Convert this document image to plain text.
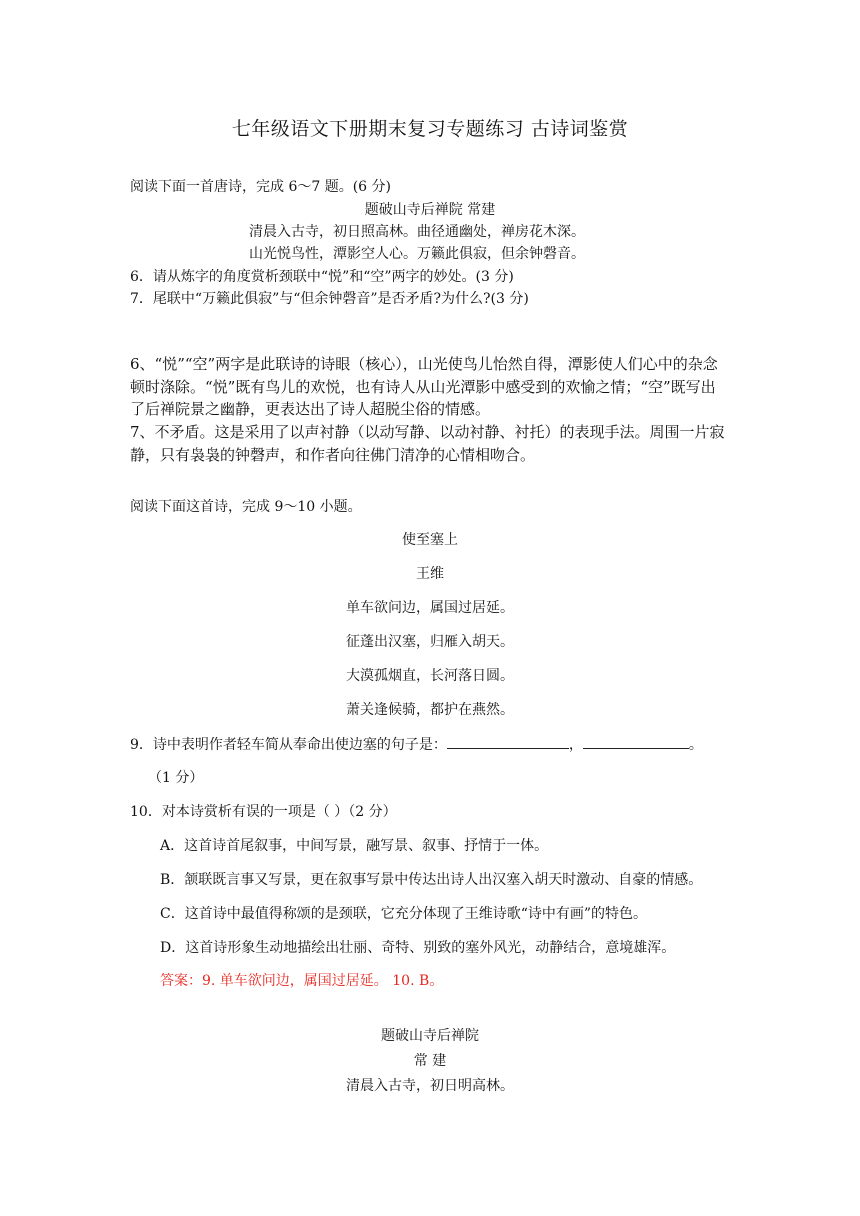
七年级语文下册期末复习专题练习 古诗词鉴赏
阅读下面一首唐诗，完成 6～7 题。(6 分)
题破山寺后禅院 常建
清晨入古寺，初日照高林。曲径通幽处，禅房花木深。
山光悦鸟性，潭影空人心。万籁此俱寂，但余钟磬音。
6．请从炼字的角度赏析颈联中“悦”和“空”两字的妙处。(3 分)
7．尾联中“万籁此俱寂”与“但余钟磬音”是否矛盾?为什么?(3 分)
6、“悦”“空”两字是此联诗的诗眼（核心），山光使鸟儿怡然自得，潭影使人们心中的杂念顿时涤除。“悦”既有鸟儿的欢悦，也有诗人从山光潭影中感受到的欢愉之情；“空”既写出了后禅院景之幽静，更表达出了诗人超脱尘俗的情感。
7、不矛盾。这是采用了以声衬静（以动写静、以动衬静、衬托）的表现手法。周围一片寂静，只有袅袅的钟磬声，和作者向往佛门清净的心情相吻合。
阅读下面这首诗，完成 9～10 小题。
使至塞上
王维
单车欲问边，属国过居延。
征蓬出汉塞，归雁入胡天。
大漠孤烟直，长河落日圆。
萧关逢候骑，都护在燕然。
9．诗中表明作者轻车简从奉命出使边塞的句子是：	，	。
（1 分）
10．对本诗赏析有误的一项是（ ）（2 分）
A．这首诗首尾叙事，中间写景，融写景、叙事、抒情于一体。
B．颔联既言事又写景，更在叙事写景中传达出诗人出汉塞入胡天时激动、自豪的情感。
C．这首诗中最值得称颂的是颈联，它充分体现了王维诗歌“诗中有画”的特色。
D．这首诗形象生动地描绘出壮丽、奇特、别致的塞外风光，动静结合，意境雄浑。
答案：9. 单车欲问边，属国过居延。 10. B。
题破山寺后禅院
常 建
清晨入古寺，初日明高林。
